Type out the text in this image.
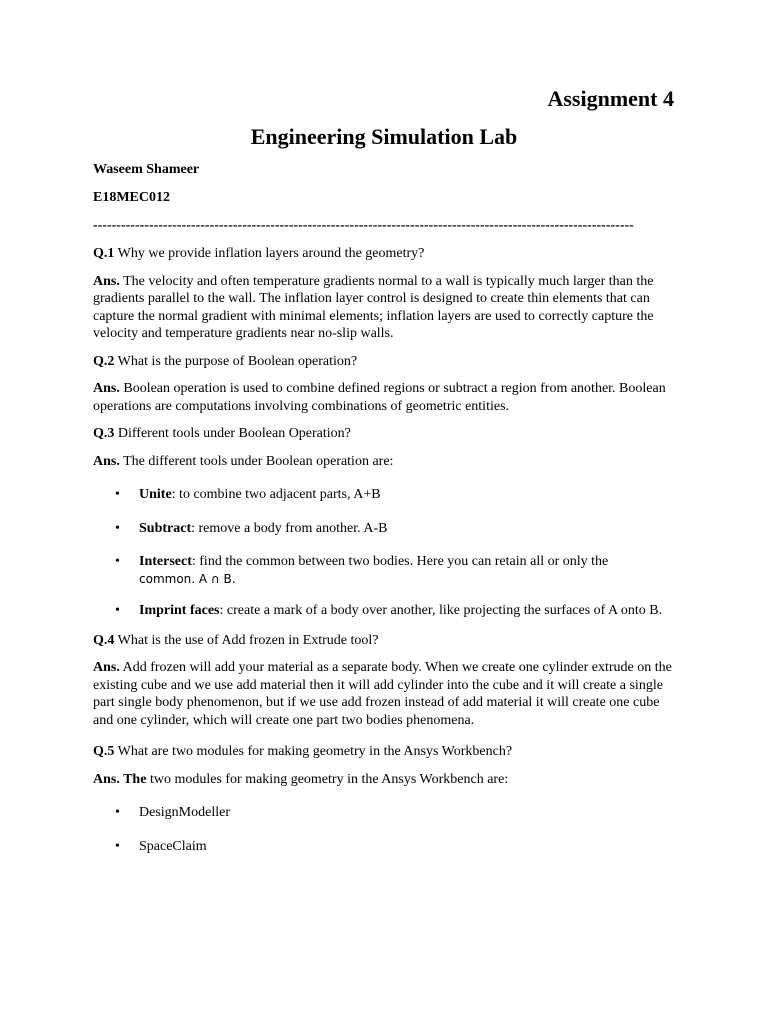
Assignment 4

Engineering Simulation Lab

Waseem Shameer

E18MEC012

--------------------------------------------------------------------------------------------------------------------

Q.1 Why we provide inflation layers around the geometry?

Ans. The velocity and often temperature gradients normal to a wall is typically much larger than the gradients parallel to the wall. The inflation layer control is designed to create thin elements that can capture the normal gradient with minimal elements; inflation layers are used to correctly capture the velocity and temperature gradients near no-slip walls.

Q.2 What is the purpose of Boolean operation?

Ans. Boolean operation is used to combine defined regions or subtract a region from another. Boolean operations are computations involving combinations of geometric entities.

Q.3 Different tools under Boolean Operation?

Ans. The different tools under Boolean operation are:

• Unite: to combine two adjacent parts, A+B
• Subtract: remove a body from another. A-B
• Intersect: find the common between two bodies. Here you can retain all or only the
common. A ∩ B.
• Imprint faces: create a mark of a body over another, like projecting the surfaces of A onto B.

Q.4 What is the use of Add frozen in Extrude tool?

Ans. Add frozen will add your material as a separate body. When we create one cylinder extrude on the existing cube and we use add material then it will add cylinder into the cube and it will create a single part single body phenomenon, but if we use add frozen instead of add material it will create one cube and one cylinder, which will create one part two bodies phenomena.

Q.5 What are two modules for making geometry in the Ansys Workbench?

Ans. The two modules for making geometry in the Ansys Workbench are:

• DesignModeller
• SpaceClaim
